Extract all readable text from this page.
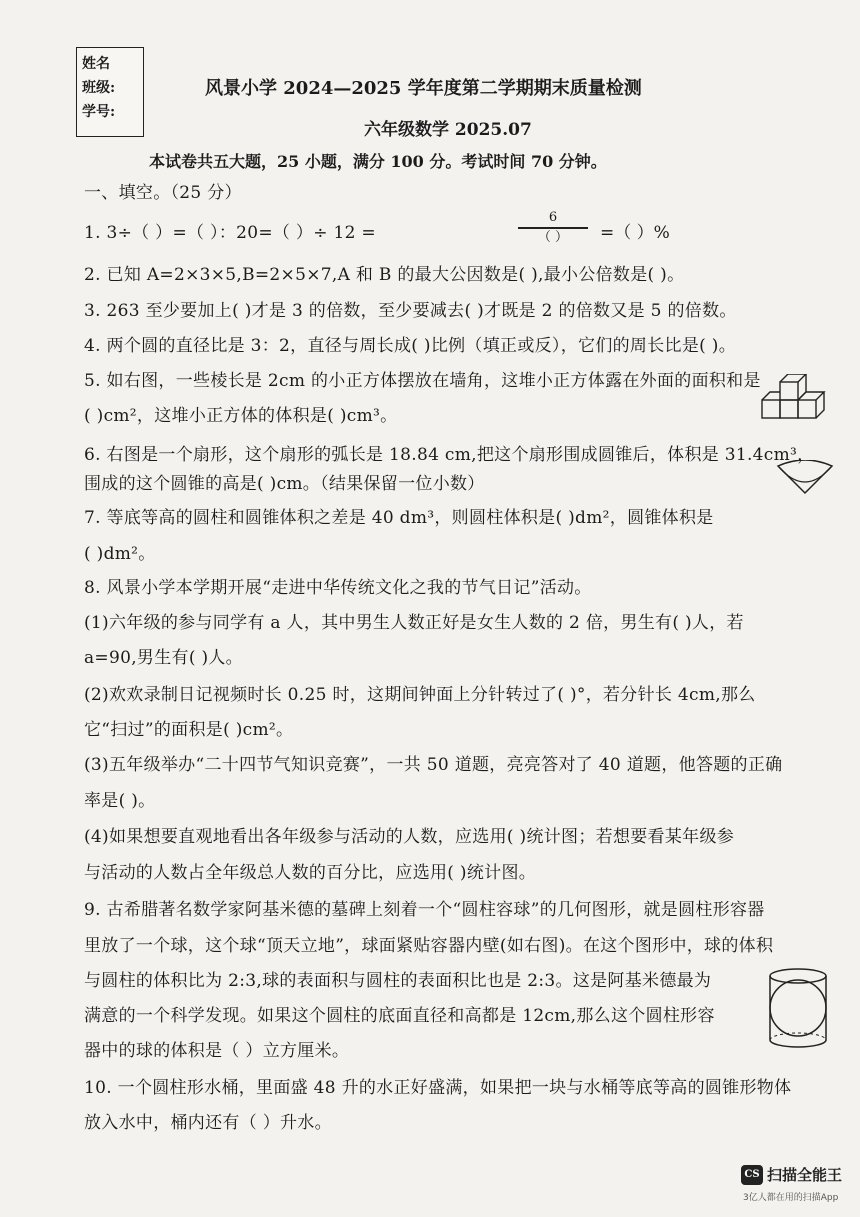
姓名
班级:
学号:
风景小学 2024—2025 学年度第二学期期末质量检测
六年级数学 2025.07
本试卷共五大题，25 小题，满分 100 分。考试时间 70 分钟。
一、填空。（25 分）
1. 3÷（ ）=（ ）：20=（ ）÷ 12 =
6
（ ）	=（ ）%
2. 已知 A=2×3×5,B=2×5×7,A 和 B 的最大公因数是( ),最小公倍数是( )。
3. 263 至少要加上( )才是 3 的倍数，至少要减去( )才既是 2 的倍数又是 5 的倍数。
4. 两个圆的直径比是 3：2，直径与周长成( )比例（填正或反），它们的周长比是( )。
5. 如右图，一些棱长是 2cm 的小正方体摆放在墙角，这堆小正方体露在外面的面积和是
( )cm²，这堆小正方体的体积是( )cm³。
6. 右图是一个扇形，这个扇形的弧长是 18.84 cm,把这个扇形围成圆锥后，体积是 31.4cm³，
围成的这个圆锥的高是( )cm。（结果保留一位小数）
7. 等底等高的圆柱和圆锥体积之差是 40 dm³，则圆柱体积是( )dm²，圆锥体积是
( )dm²。
8. 风景小学本学期开展“走进中华传统文化之我的节气日记”活动。
(1)六年级的参与同学有 a 人，其中男生人数正好是女生人数的 2 倍，男生有( )人，若
a=90,男生有( )人。
(2)欢欢录制日记视频时长 0.25 时，这期间钟面上分针转过了( )°，若分针长 4cm,那么
它“扫过”的面积是( )cm²。
(3)五年级举办“二十四节气知识竞赛”，一共 50 道题，亮亮答对了 40 道题，他答题的正确
率是( )。
(4)如果想要直观地看出各年级参与活动的人数，应选用( )统计图；若想要看某年级参
与活动的人数占全年级总人数的百分比，应选用( )统计图。
9. 古希腊著名数学家阿基米德的墓碑上刻着一个“圆柱容球”的几何图形，就是圆柱形容器
里放了一个球，这个球“顶天立地”，球面紧贴容器内壁(如右图)。在这个图形中，球的体积
与圆柱的体积比为 2:3,球的表面积与圆柱的表面积比也是 2:3。这是阿基米德最为
满意的一个科学发现。如果这个圆柱的底面直径和高都是 12cm,那么这个圆柱形容
器中的球的体积是（ ）立方厘米。
10. 一个圆柱形水桶，里面盛 48 升的水正好盛满，如果把一块与水桶等底等高的圆锥形物体
放入水中，桶内还有（ ）升水。
CS 扫描全能王
3亿人都在用的扫描App
